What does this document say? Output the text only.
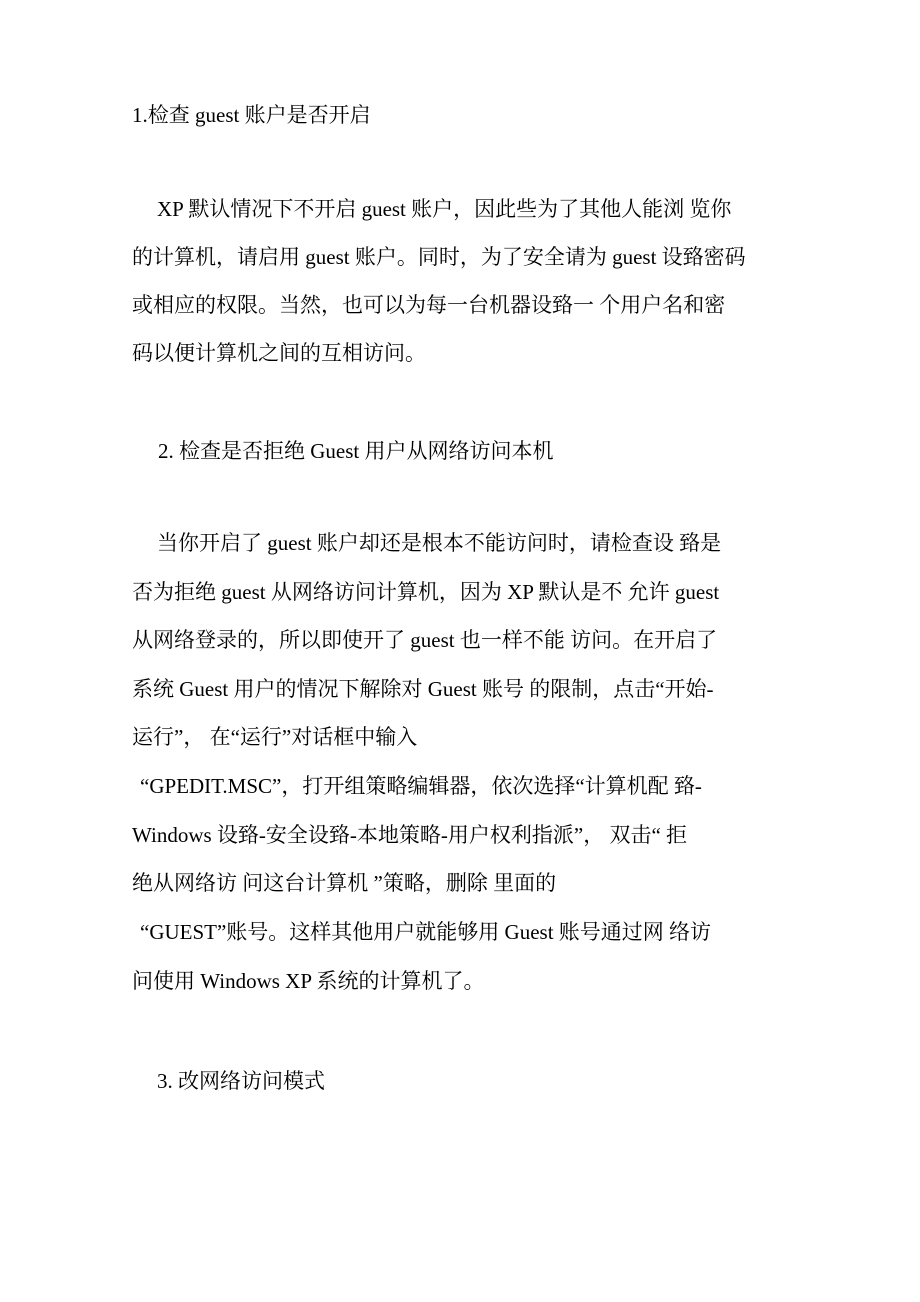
1.检查 guest 账户是否开启

XP 默认情况下不开启 guest 账户，因此些为了其他人能浏 览你

的计算机，请启用 guest 账户。同时，为了安全请为 guest 设臵密码

或相应的权限。当然，也可以为每一台机器设臵一 个用户名和密

码以便计算机之间的互相访问。

2. 检查是否拒绝 Guest 用户从网络访问本机

当你开启了 guest 账户却还是根本不能访问时，请检查设 臵是

否为拒绝 guest 从网络访问计算机，因为 XP 默认是不 允许 guest

从网络登录的，所以即使开了 guest 也一样不能 访问。在开启了

系统 Guest 用户的情况下解除对 Guest 账号 的限制，点击“开始-

运行”， 在“运行”对话框中输入

“GPEDIT.MSC”，打开组策略编辑器，依次选择“计算机配 臵-

Windows 设臵-安全设臵-本地策略-用户权利指派”， 双击“ 拒

绝从网络访 问这台计算机 ”策略，删除 里面的

“GUEST”账号。这样其他用户就能够用 Guest 账号通过网 络访

问使用 Windows XP 系统的计算机了。

3. 改网络访问模式
